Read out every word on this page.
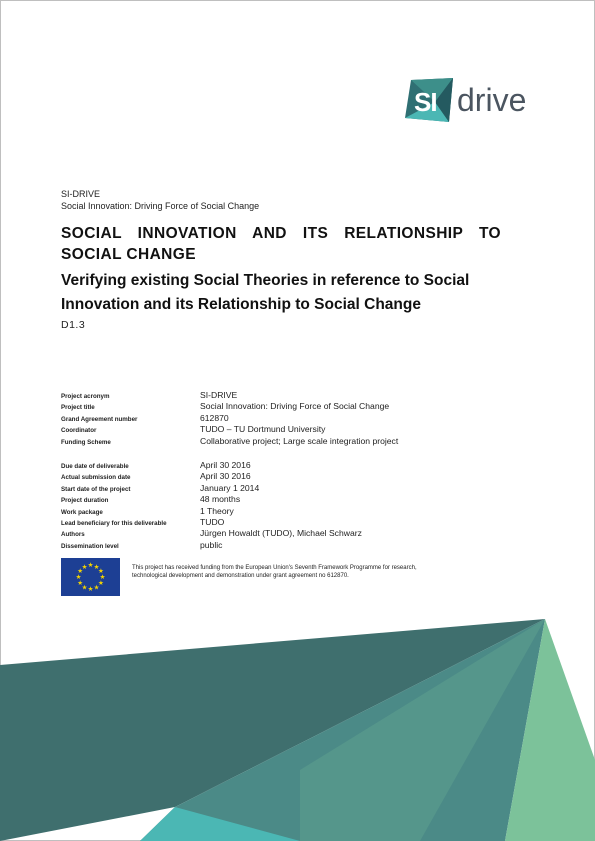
SI drive
SI-DRIVE
Social Innovation: Driving Force of Social Change
SOCIAL INNOVATION AND ITS RELATIONSHIP TO SOCIAL CHANGE
Verifying existing Social Theories in reference to Social Innovation and its Relationship to Social Change
D1.3
Project acronym	SI-DRIVE
Project title	Social Innovation: Driving Force of Social Change
Grand Agreement number	612870
Coordinator	TUDO – TU Dortmund University
Funding Scheme	Collaborative project; Large scale integration project
Due date of deliverable	April 30 2016
Actual submission date	April 30 2016
Start date of the project	January 1 2014
Project duration	48 months
Work package	1 Theory
Lead beneficiary for this deliverable	TUDO
Authors	Jürgen Howaldt (TUDO), Michael Schwarz
Dissemination level	public
★ ★
★
★
★
★
★
★
★
★
★
★	This project has received funding from the European Union's Seventh Framework Programme for research,
technological development and demonstration under grant agreement no 612870.
